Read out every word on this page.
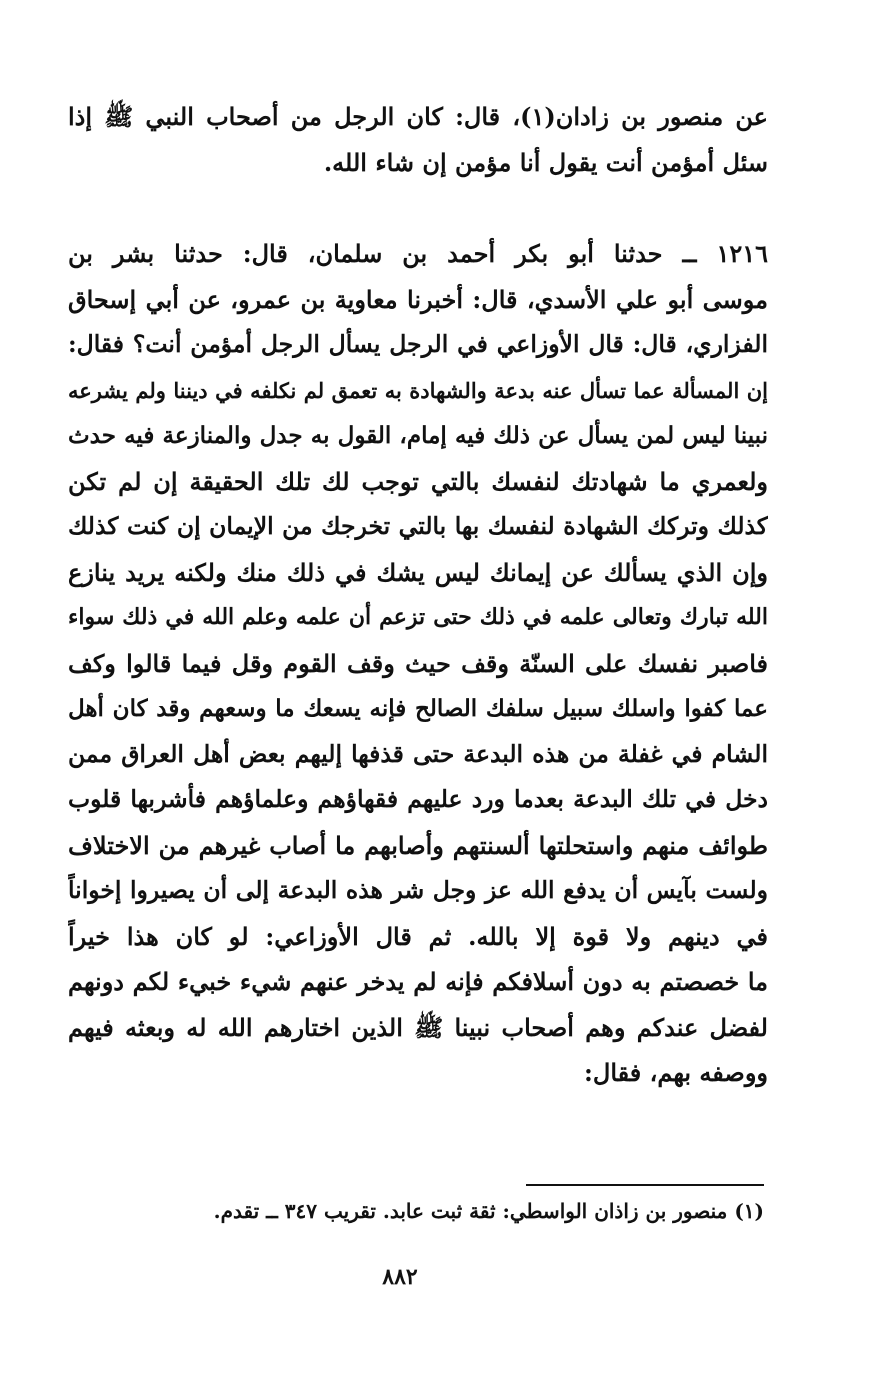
عن منصور بن زادان(١)، قال: كان الرجل من أصحاب النبي ﷺ إذا
سئل أمؤمن أنت يقول أنا مؤمن إن شاء الله.
١٢١٦ ــ حدثنا أبو بكر أحمد بن سلمان، قال: حدثنا بشر بن
موسى أبو علي الأسدي، قال: أخبرنا معاوية بن عمرو، عن أبي إسحاق
الفزاري، قال: قال الأوزاعي في الرجل يسأل الرجل أمؤمن أنت؟ فقال:
إن المسألة عما تسأل عنه بدعة والشهادة به تعمق لم نكلفه في ديننا ولم يشرعه
نبينا ليس لمن يسأل عن ذلك فيه إمام، القول به جدل والمنازعة فيه حدث
ولعمري ما شهادتك لنفسك بالتي توجب لك تلك الحقيقة إن لم تكن
كذلك وتركك الشهادة لنفسك بها بالتي تخرجك من الإيمان إن كنت كذلك
وإن الذي يسألك عن إيمانك ليس يشك في ذلك منك ولكنه يريد ينازع
الله تبارك وتعالى علمه في ذلك حتى تزعم أن علمه وعلم الله في ذلك سواء
فاصبر نفسك على السنّة وقف حيث وقف القوم وقل فيما قالوا وكف
عما كفوا واسلك سبيل سلفك الصالح فإنه يسعك ما وسعهم وقد كان أهل
الشام في غفلة من هذه البدعة حتى قذفها إليهم بعض أهل العراق ممن
دخل في تلك البدعة بعدما ورد عليهم فقهاؤهم وعلماؤهم فأشربها قلوب
طوائف منهم واستحلتها ألسنتهم وأصابهم ما أصاب غيرهم من الاختلاف
ولست بآيس أن يدفع الله عز وجل شر هذه البدعة إلى أن يصيروا إخواناً
في دينهم ولا قوة إلا بالله. ثم قال الأوزاعي: لو كان هذا خيراً
ما خصصتم به دون أسلافكم فإنه لم يدخر عنهم شيء خبيء لكم دونهم
لفضل عندكم وهم أصحاب نبينا ﷺ الذين اختارهم الله له وبعثه فيهم
ووصفه بهم، فقال:
(١) منصور بن زاذان الواسطي: ثقة ثبت عابد. تقريب ٣٤٧ ــ تقدم.
٨٨٢
